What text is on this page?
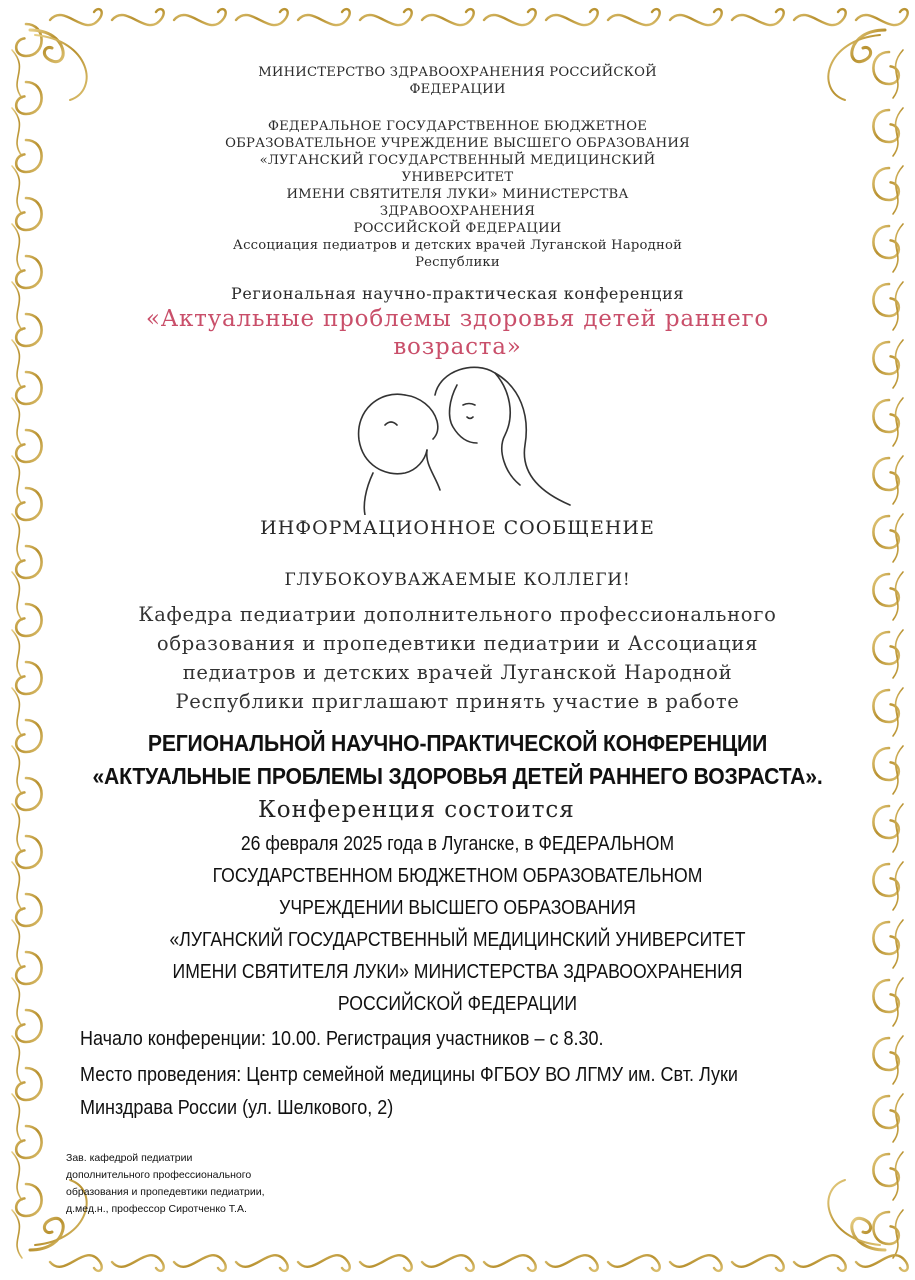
МИНИСТЕРСТВО ЗДРАВООХРАНЕНИЯ РОССИЙСКОЙ
ФЕДЕРАЦИИ
ФЕДЕРАЛЬНОЕ ГОСУДАРСТВЕННОЕ БЮДЖЕТНОЕ
ОБРАЗОВАТЕЛЬНОЕ УЧРЕЖДЕНИЕ ВЫСШЕГО ОБРАЗОВАНИЯ
«ЛУГАНСКИЙ ГОСУДАРСТВЕННЫЙ МЕДИЦИНСКИЙ
УНИВЕРСИТЕТ
ИМЕНИ СВЯТИТЕЛЯ ЛУКИ» МИНИСТЕРСТВА
ЗДРАВООХРАНЕНИЯ
РОССИЙСКОЙ ФЕДЕРАЦИИ
Ассоциация педиатров и детских врачей Луганской Народной
Республики
Региональная научно-практическая конференция
«Актуальные проблемы здоровья детей раннего
возраста»
ИНФОРМАЦИОННОЕ СООБЩЕНИЕ
ГЛУБОКОУВАЖАЕМЫЕ КОЛЛЕГИ!
Кафедра педиатрии дополнительного профессионального
образования и пропедевтики педиатрии и Ассоциация
педиатров и детских врачей Луганской Народной
Республики приглашают принять участие в работе
РЕГИОНАЛЬНОЙ НАУЧНО-ПРАКТИЧЕСКОЙ КОНФЕРЕНЦИИ
«АКТУАЛЬНЫЕ ПРОБЛЕМЫ ЗДОРОВЬЯ ДЕТЕЙ РАННЕГО ВОЗРАСТА».
Конференция состоится
26 февраля 2025 года в Луганске, в ФЕДЕРАЛЬНОМ
ГОСУДАРСТВЕННОМ БЮДЖЕТНОМ ОБРАЗОВАТЕЛЬНОМ
УЧРЕЖДЕНИИ ВЫСШЕГО ОБРАЗОВАНИЯ
«ЛУГАНСКИЙ ГОСУДАРСТВЕННЫЙ МЕДИЦИНСКИЙ УНИВЕРСИТЕТ
ИМЕНИ СВЯТИТЕЛЯ ЛУКИ» МИНИСТЕРСТВА ЗДРАВООХРАНЕНИЯ
РОССИЙСКОЙ ФЕДЕРАЦИИ
Начало конференции: 10.00. Регистрация участников – с 8.30.
Место проведения: Центр семейной медицины ФГБОУ ВО ЛГМУ им. Свт. Луки
Минздрава России (ул. Шелкового, 2)
Зав. кафедрой педиатрии
дополнительного профессионального
образования и пропедевтики педиатрии,
д.мед.н., профессор Сиротченко Т.А.
